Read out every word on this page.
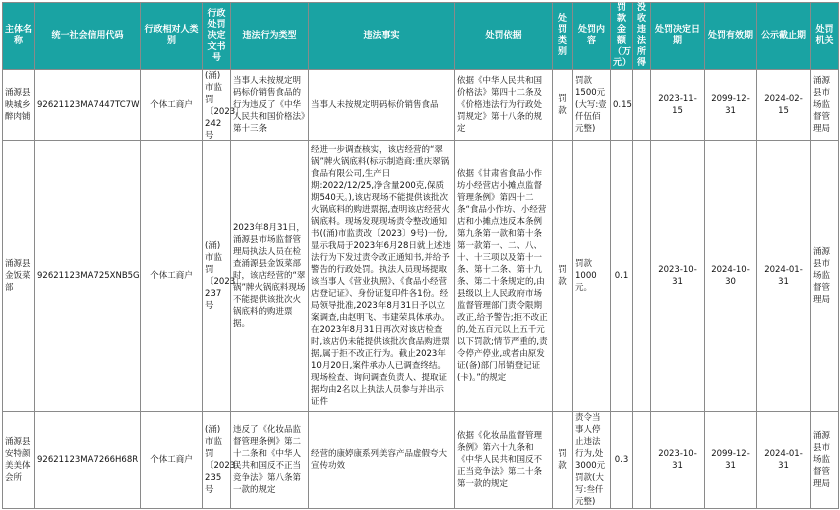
主体名称	统一社会信用代码	行政相对人类别	行政处罚决定文书号	违法行为类型	违法事实	处罚依据	处罚类别	处罚内容	罚款金额（万元）	没收违法所得	处罚决定日期	处罚有效期	公示截止期	处罚机关

涌源县映城乡醉肉铺	92621123MA7447TC7W	个体工商户	(涌)市监罚〔2023〕242号	当事人未按规定明码标价销售食品的行为违反了《中华人民共和国价格法》第十三条	当事人未按规定明码标价销售食品	依据《中华人民共和国价格法》第四十二条及《价格违法行为行政处罚规定》第十八条的规定	罚款	罚款1500元(大写:壹仟伍佰元整)	0.15		2023-11-15	2099-12-31	2024-02-15	涌源县市场监督管理局

涌源县金饭菜部	92621123MA725XNB5G	个体工商户	(涌)市监罚〔2023〕237号	2023年8月31日，涌源县市场监督管理局执法人员在检查涌源县金饭菜部时，该店经营的“翠锅”牌火锅底料现场不能提供该批次火锅底料的购进票据。	经进一步调查核实，该店经营的“翠锅”牌火锅底料(标示制造商:重庆翠锅食品有限公司,生产日期:2022/12/25,净含量200克,保质期540天。),该店现场不能提供该批次火锅底料的购进票据,查明该店经营火锅底料。现场发现现场责令整改通知书((涌)市监责改〔2023〕9号)一份,显示我局于2023年6月28日就上述违法行为下发过责令改正通知书,并给予警告的行政处罚。执法人员现场提取该当事人《营业执照》、《食品小经营店登记证》、身份证复印件各1份。经局领导批准,2023年8月31日予以立案调查,由赵明飞、韦建荣具体承办。在2023年8月31日再次对该店检查时,该店仍未能提供该批次食品购进票据,属于拒不改正行为。截止2023年10月20日,案件承办人已调查终结。现场检查、询问调查负责人、提取证据均由2名以上执法人员参与并出示证件	依据《甘肃省食品小作坊小经营店小摊点监督管理条例》第四十二条“食品小作坊、小经营店和小摊点违反本条例第九条第一款和第十条第一款第一、二、八、十、十三项以及第十一条、第十二条、第十九条、第二十条规定的,由县级以上人民政府市场监督管理部门责令限期改正,给予警告;拒不改正的,处五百元以上五千元以下罚款;情节严重的,责令停产停业,或者由原发证(备)部门吊销登记证(卡)。”的规定	罚款	罚款1000元。	0.1		2023-10-31	2024-10-30	2024-01-31	涌源县市场监督管理局

涌源县安特颜美美体会所	92621123MA7266H68R	个体工商户	(涌)市监罚〔2023〕235号	违反了《化妆品监督管理条例》第二十二条和《中华人民共和国反不正当竞争法》第八条第一款的规定	经营的康婷康系列美容产品虚假夸大宣传功效	依据《化妆品监督管理条例》第六十九条和《中华人民共和国反不正当竞争法》第二十条第一款的规定	罚款	责令当事人停止违法行为,处3000元罚款(大写:叁仟元整)	0.3		2023-10-31	2099-12-31	2024-01-31	涌源县市场监督管理局
